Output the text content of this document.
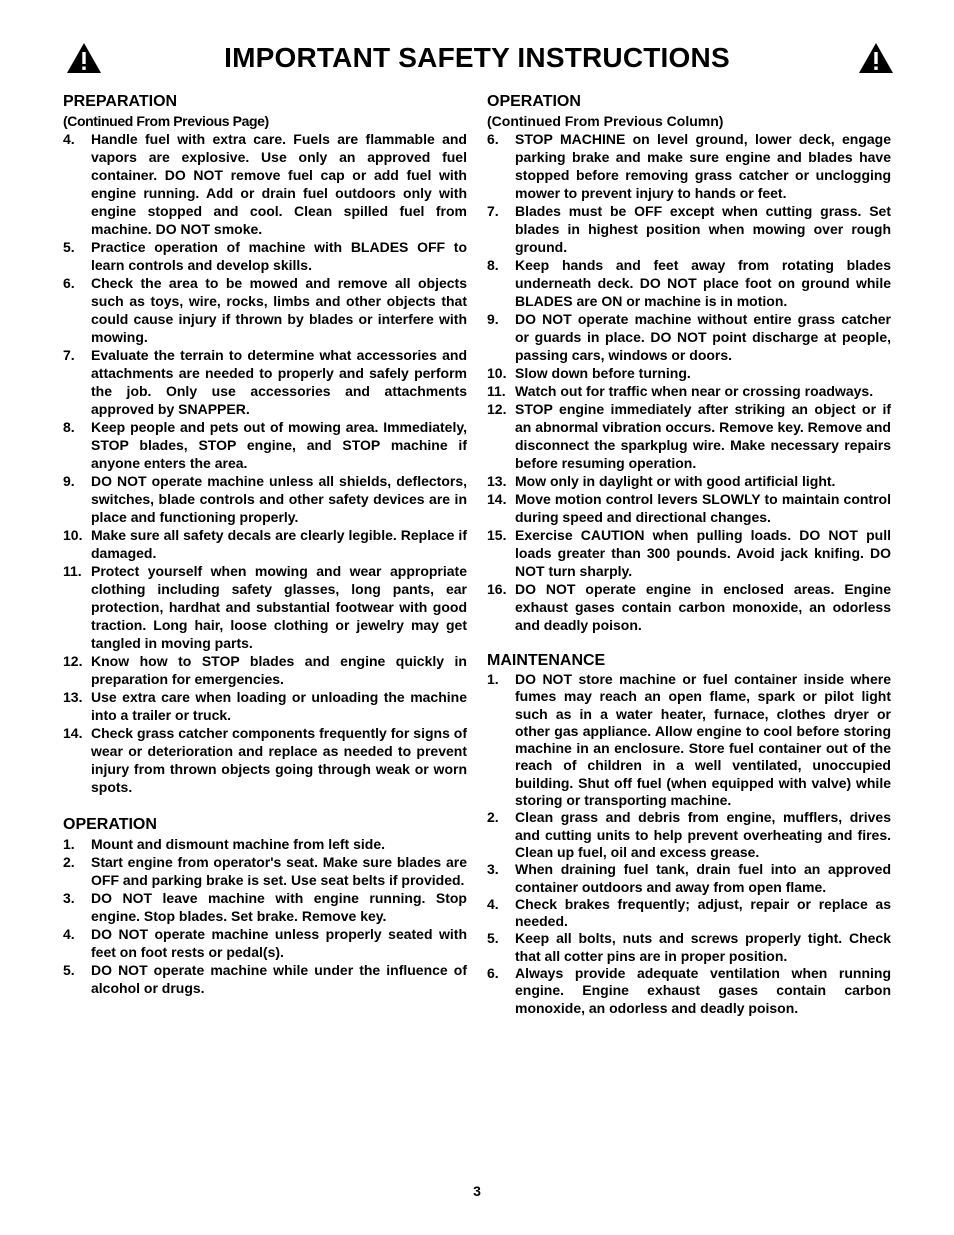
IMPORTANT SAFETY INSTRUCTIONS
PREPARATION
(Continued From Previous Page)
4. Handle fuel with extra care. Fuels are flammable and vapors are explosive. Use only an approved fuel container. DO NOT remove fuel cap or add fuel with engine running. Add or drain fuel outdoors only with engine stopped and cool. Clean spilled fuel from machine. DO NOT smoke.
5. Practice operation of machine with BLADES OFF to learn controls and develop skills.
6. Check the area to be mowed and remove all objects such as toys, wire, rocks, limbs and other objects that could cause injury if thrown by blades or interfere with mowing.
7. Evaluate the terrain to determine what accessories and attachments are needed to properly and safely perform the job. Only use accessories and attachments approved by SNAPPER.
8. Keep people and pets out of mowing area. Immediately, STOP blades, STOP engine, and STOP machine if anyone enters the area.
9. DO NOT operate machine unless all shields, deflectors, switches, blade controls and other safety devices are in place and functioning properly.
10. Make sure all safety decals are clearly legible. Replace if damaged.
11. Protect yourself when mowing and wear appropriate clothing including safety glasses, long pants, ear protection, hardhat and substantial footwear with good traction. Long hair, loose clothing or jewelry may get tangled in moving parts.
12. Know how to STOP blades and engine quickly in preparation for emergencies.
13. Use extra care when loading or unloading the machine into a trailer or truck.
14. Check grass catcher components frequently for signs of wear or deterioration and replace as needed to prevent injury from thrown objects going through weak or worn spots.
OPERATION
1. Mount and dismount machine from left side.
2. Start engine from operator's seat. Make sure blades are OFF and parking brake is set. Use seat belts if provided.
3. DO NOT leave machine with engine running. Stop engine. Stop blades. Set brake. Remove key.
4. DO NOT operate machine unless properly seated with feet on foot rests or pedal(s).
5. DO NOT operate machine while under the influence of alcohol or drugs.
OPERATION
(Continued From Previous Column)
6. STOP MACHINE on level ground, lower deck, engage parking brake and make sure engine and blades have stopped before removing grass catcher or unclogging mower to prevent injury to hands or feet.
7. Blades must be OFF except when cutting grass. Set blades in highest position when mowing over rough ground.
8. Keep hands and feet away from rotating blades underneath deck. DO NOT place foot on ground while BLADES are ON or machine is in motion.
9. DO NOT operate machine without entire grass catcher or guards in place. DO NOT point discharge at people, passing cars, windows or doors.
10. Slow down before turning.
11. Watch out for traffic when near or crossing roadways.
12. STOP engine immediately after striking an object or if an abnormal vibration occurs. Remove key. Remove and disconnect the sparkplug wire. Make necessary repairs before resuming operation.
13. Mow only in daylight or with good artificial light.
14. Move motion control levers SLOWLY to maintain control during speed and directional changes.
15. Exercise CAUTION when pulling loads. DO NOT pull loads greater than 300 pounds. Avoid jack knifing. DO NOT turn sharply.
16. DO NOT operate engine in enclosed areas. Engine exhaust gases contain carbon monoxide, an odorless and deadly poison.
MAINTENANCE
1. DO NOT store machine or fuel container inside where fumes may reach an open flame, spark or pilot light such as in a water heater, furnace, clothes dryer or other gas appliance. Allow engine to cool before storing machine in an enclosure. Store fuel container out of the reach of children in a well ventilated, unoccupied building. Shut off fuel (when equipped with valve) while storing or transporting machine.
2. Clean grass and debris from engine, mufflers, drives and cutting units to help prevent overheating and fires. Clean up fuel, oil and excess grease.
3. When draining fuel tank, drain fuel into an approved container outdoors and away from open flame.
4. Check brakes frequently; adjust, repair or replace as needed.
5. Keep all bolts, nuts and screws properly tight. Check that all cotter pins are in proper position.
6. Always provide adequate ventilation when running engine. Engine exhaust gases contain carbon monoxide, an odorless and deadly poison.
3
